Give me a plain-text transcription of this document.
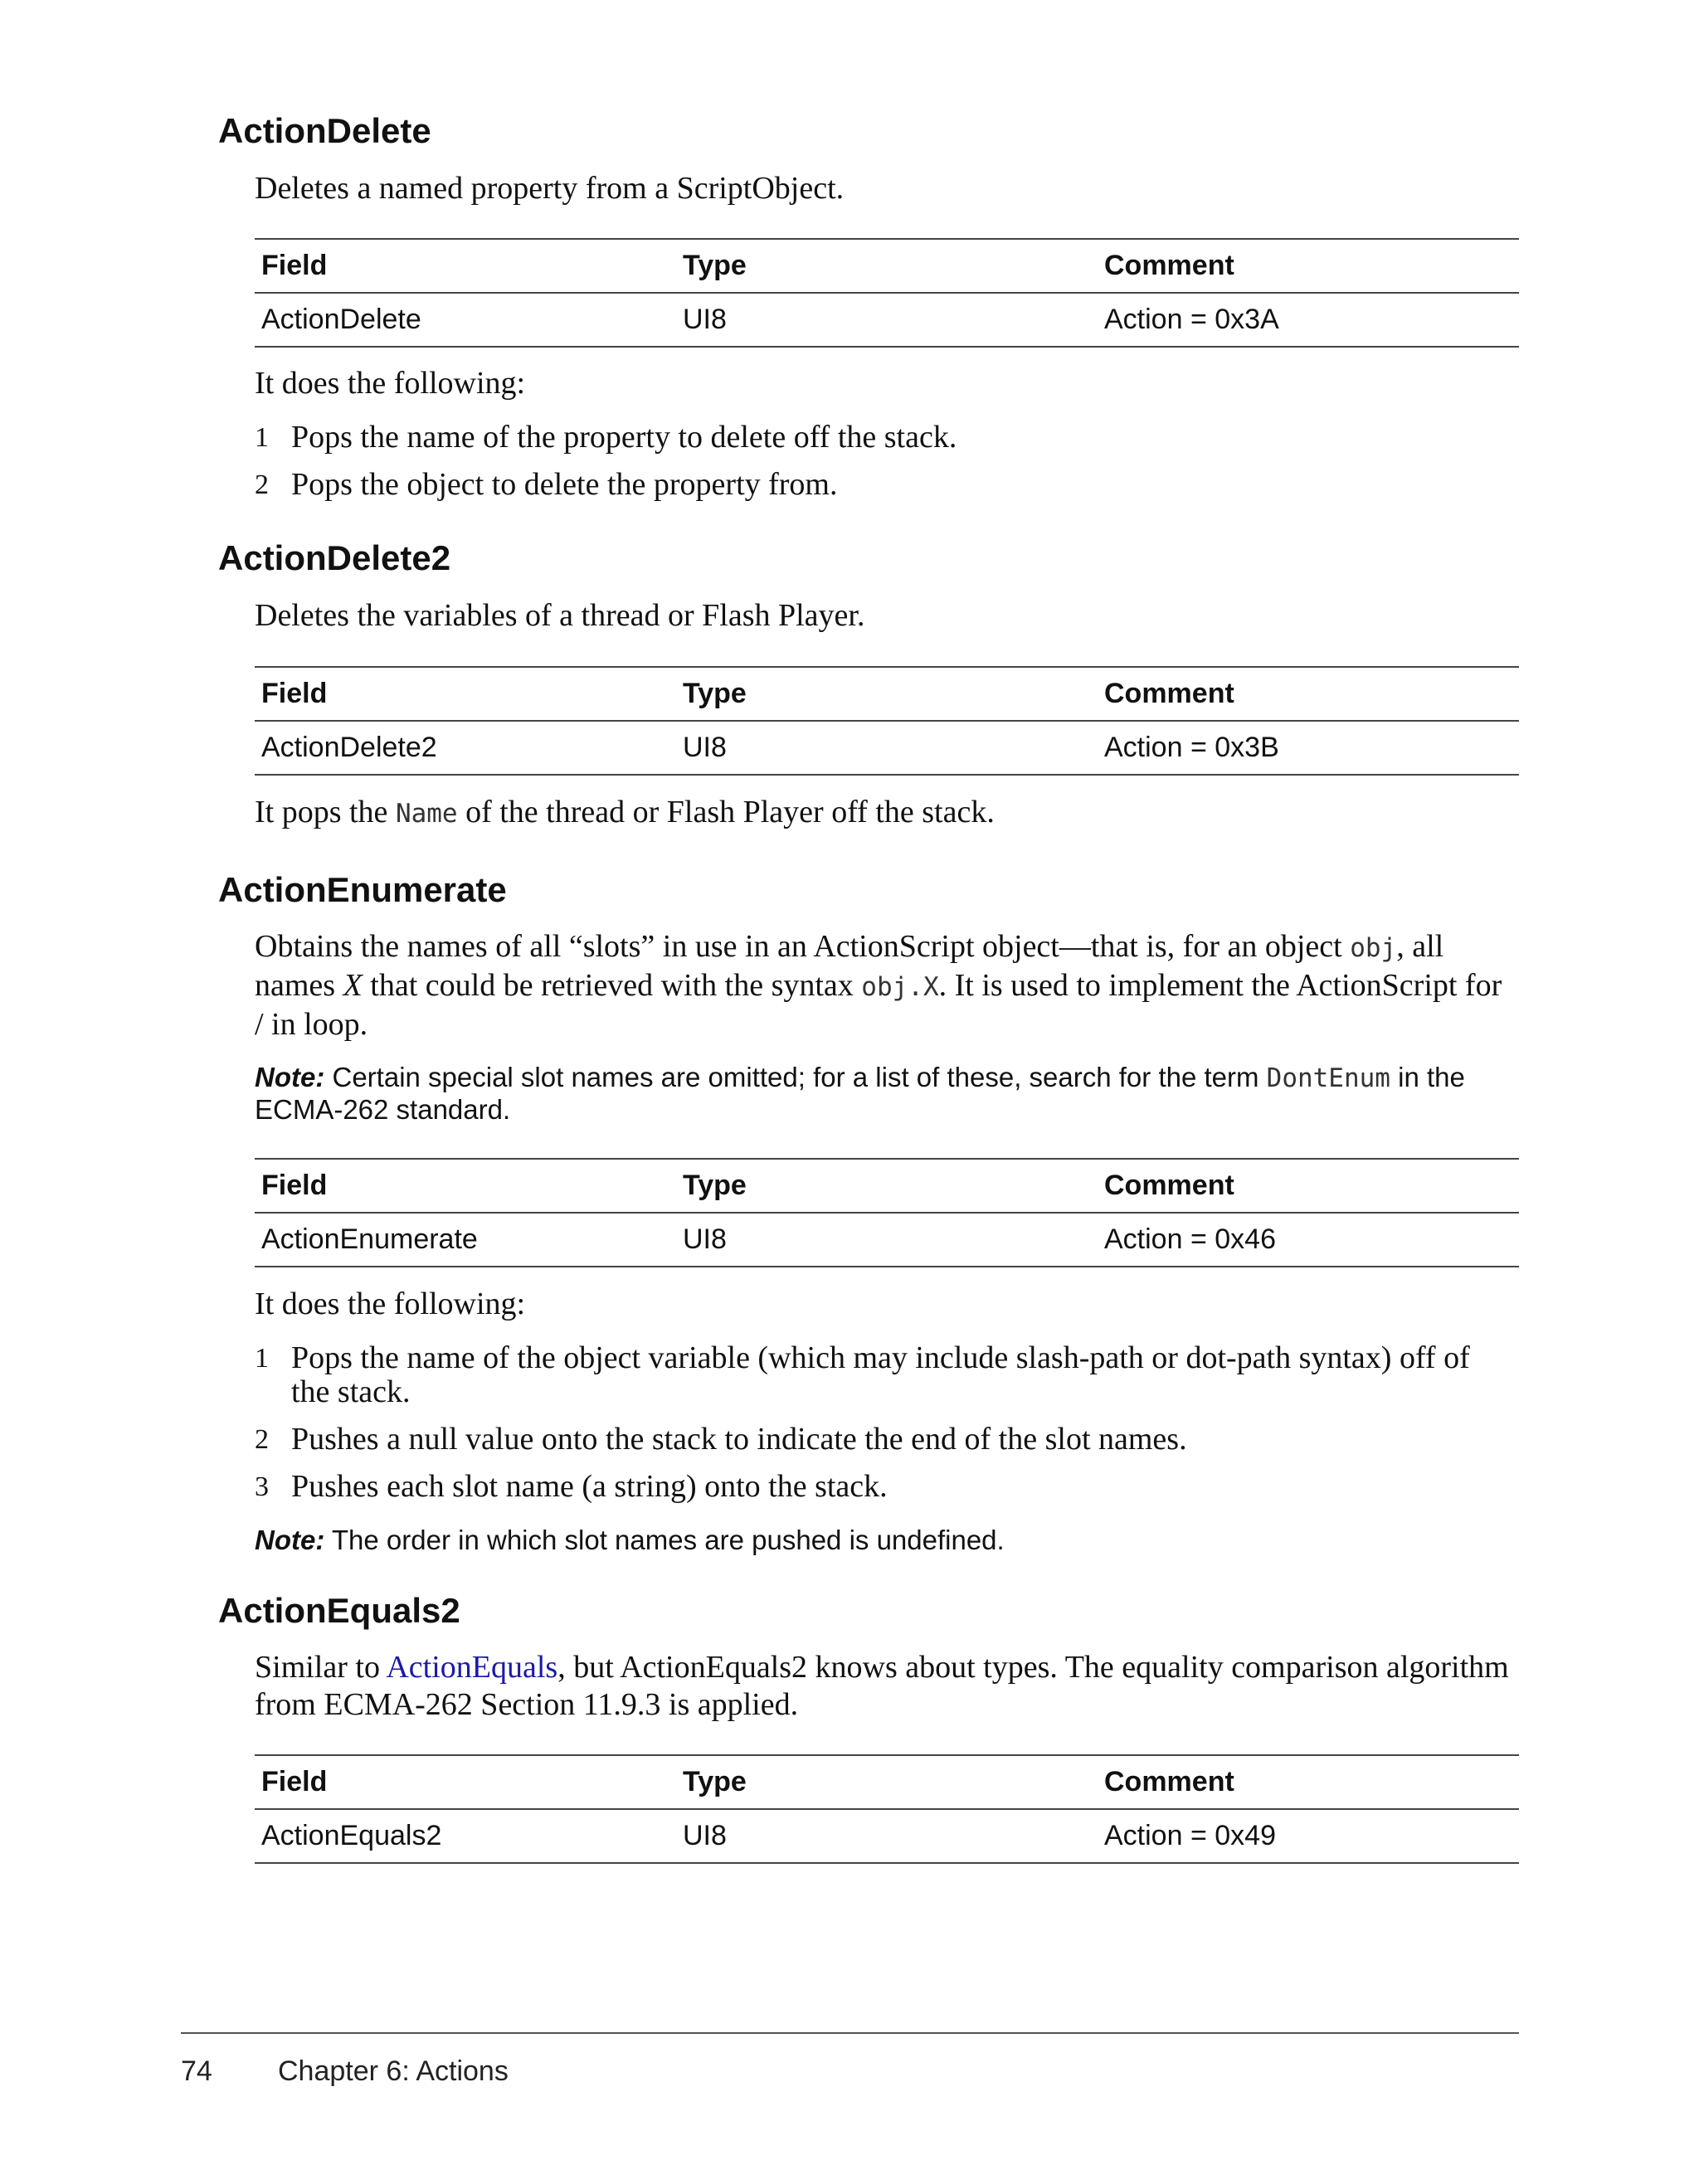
ActionDelete

Deletes a named property from a ScriptObject.

Field	Type	Comment
ActionDelete	UI8	Action = 0x3A

It does the following:

1 Pops the name of the property to delete off the stack.
2 Pops the object to delete the property from.
ActionDelete2

Deletes the variables of a thread or Flash Player.

Field	Type	Comment
ActionDelete2	UI8	Action = 0x3B

It pops the Name of the thread or Flash Player off the stack.

ActionEnumerate

Obtains the names of all “slots” in use in an ActionScript object—that is, for an object obj, all names X that could be retrieved with the syntax obj.X. It is used to implement the ActionScript for / in loop.

Note: Certain special slot names are omitted; for a list of these, search for the term DontEnum in the ECMA-262 standard.

Field	Type	Comment
ActionEnumerate	UI8	Action = 0x46

It does the following:

1 Pops the name of the object variable (which may include slash-path or dot-path syntax) off of the stack.
2 Pushes a null value onto the stack to indicate the end of the slot names.
3 Pushes each slot name (a string) onto the stack.

Note: The order in which slot names are pushed is undefined.

ActionEquals2

Similar to ActionEquals, but ActionEquals2 knows about types. The equality comparison algorithm from ECMA-262 Section 11.9.3 is applied.

Field	Type	Comment
ActionEquals2	UI8	Action = 0x49
74 Chapter 6: Actions
